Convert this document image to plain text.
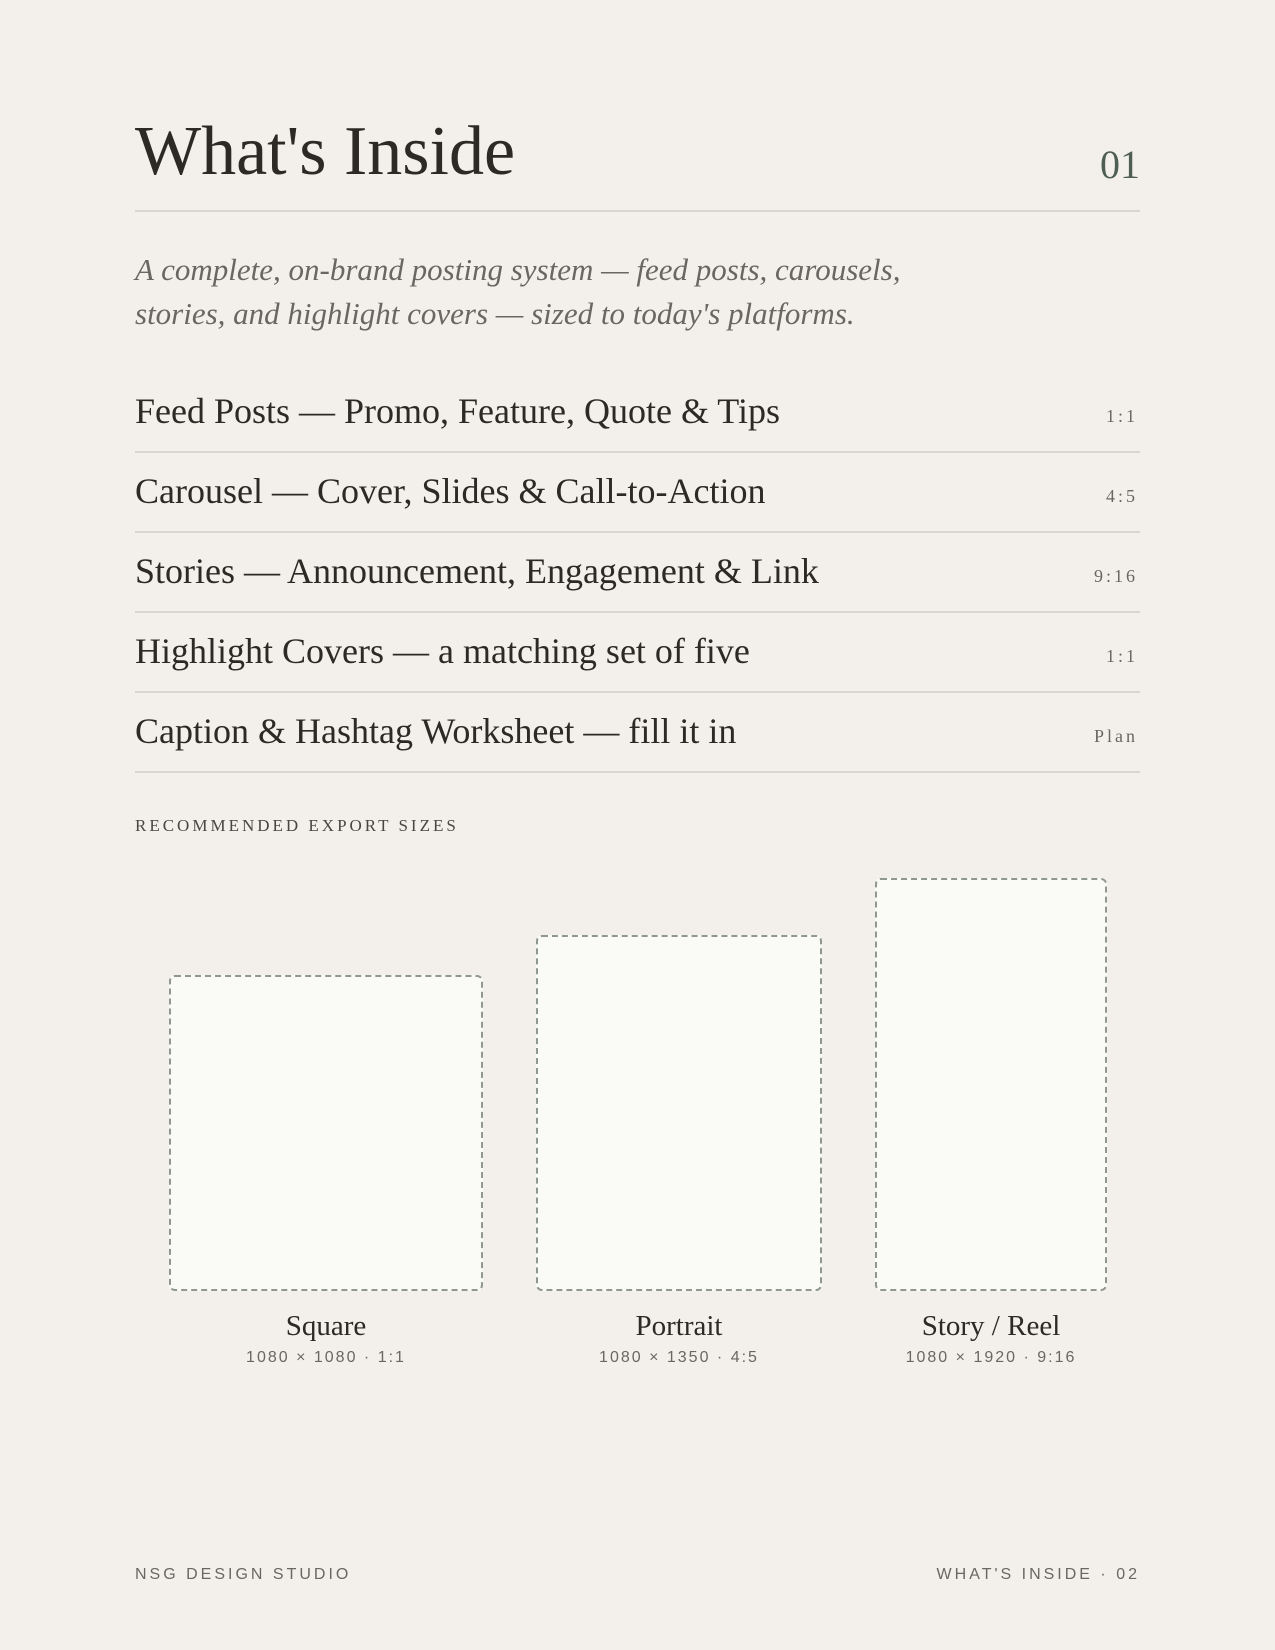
What's Inside	01

A complete, on-brand posting system — feed posts, carousels, stories, and highlight covers — sized to today's platforms.

Feed Posts — Promo, Feature, Quote & Tips	1:1
Carousel — Cover, Slides & Call-to-Action	4:5
Stories — Announcement, Engagement & Link	9:16
Highlight Covers — a matching set of five	1:1
Caption & Hashtag Worksheet — fill it in	Plan
RECOMMENDED EXPORT SIZES
Square
1080 × 1080 · 1:1
Portrait
1080 × 1350 · 4:5
Story / Reel
1080 × 1920 · 9:16
NSG DESIGN STUDIO	WHAT'S INSIDE · 02
